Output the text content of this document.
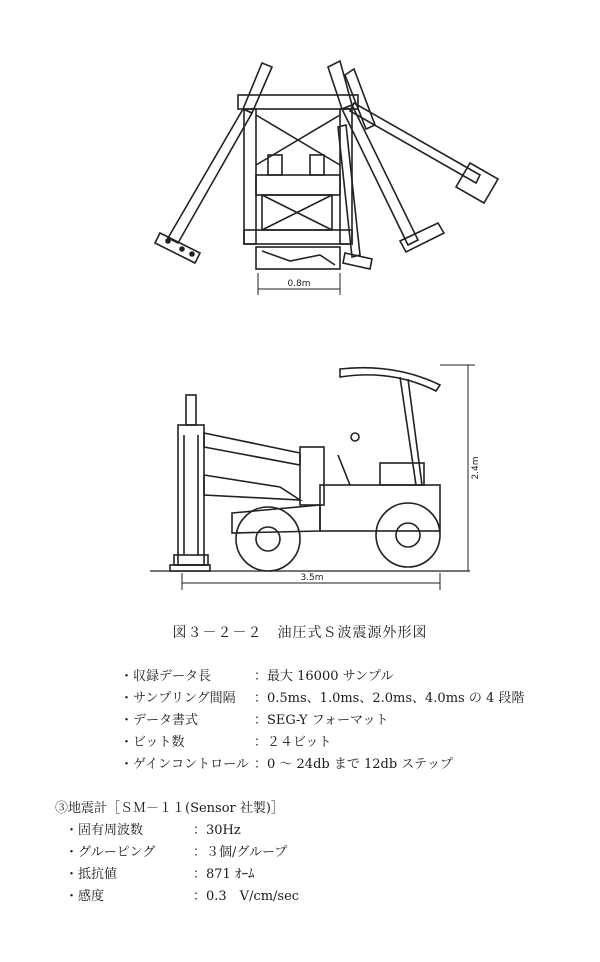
0.8m
3.5m
2.4m
図３－２－２　油圧式Ｓ波震源外形図
・収録データ長	：最大 16000 サンプル
・サンプリング間隔	：0.5ms、1.0ms、2.0ms、4.0ms の 4 段階
・データ書式	：SEG-Y フォーマット
・ビット数	：２４ビット
・ゲインコントロール ：0 ～ 24db まで 12db ステップ
③地震計［ＳＭ－１１(Sensor 社製)］
・固有周波数	：30Hz
・グルーピング	：３個/グループ
・抵抗値	：871 ｵｰﾑ
・感度	：0.3　V/cm/sec
